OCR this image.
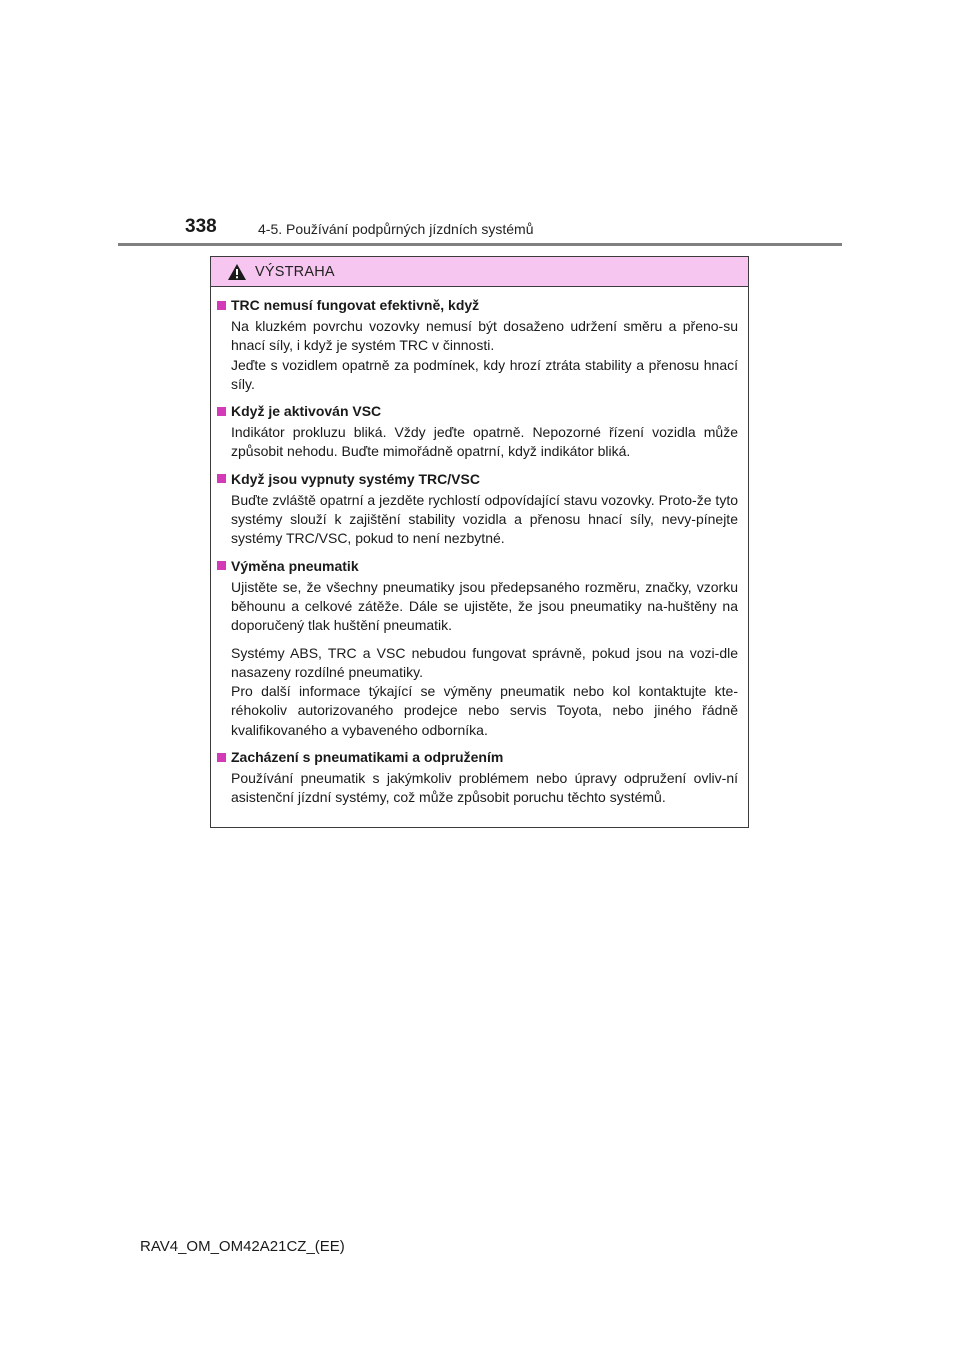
338	4-5. Používání podpůrných jízdních systémů
VÝSTRAHA
TRC nemusí fungovat efektivně, když
Na kluzkém povrchu vozovky nemusí být dosaženo udržení směru a přeno-su hnací síly, i když je systém TRC v činnosti.
Jeďte s vozidlem opatrně za podmínek, kdy hrozí ztráta stability a přenosu hnací síly.
Když je aktivován VSC
Indikátor prokluzu bliká. Vždy jeďte opatrně. Nepozorné řízení vozidla může způsobit nehodu. Buďte mimořádně opatrní, když indikátor bliká.
Když jsou vypnuty systémy TRC/VSC
Buďte zvláště opatrní a jezděte rychlostí odpovídající stavu vozovky. Proto-že tyto systémy slouží k zajištění stability vozidla a přenosu hnací síly, nevy-pínejte systémy TRC/VSC, pokud to není nezbytné.
Výměna pneumatik
Ujistěte se, že všechny pneumatiky jsou předepsaného rozměru, značky, vzorku běhounu a celkové zátěže. Dále se ujistěte, že jsou pneumatiky na-huštěny na doporučený tlak huštění pneumatik.
Systémy ABS, TRC a VSC nebudou fungovat správně, pokud jsou na vozi-dle nasazeny rozdílné pneumatiky.
Pro další informace týkající se výměny pneumatik nebo kol kontaktujte kte-réhokoliv autorizovaného prodejce nebo servis Toyota, nebo jiného řádně kvalifikovaného a vybaveného odborníka.
Zacházení s pneumatikami a odpružením
Používání pneumatik s jakýmkoliv problémem nebo úpravy odpružení ovliv-ní asistenční jízdní systémy, což může způsobit poruchu těchto systémů.
RAV4_OM_OM42A21CZ_(EE)
